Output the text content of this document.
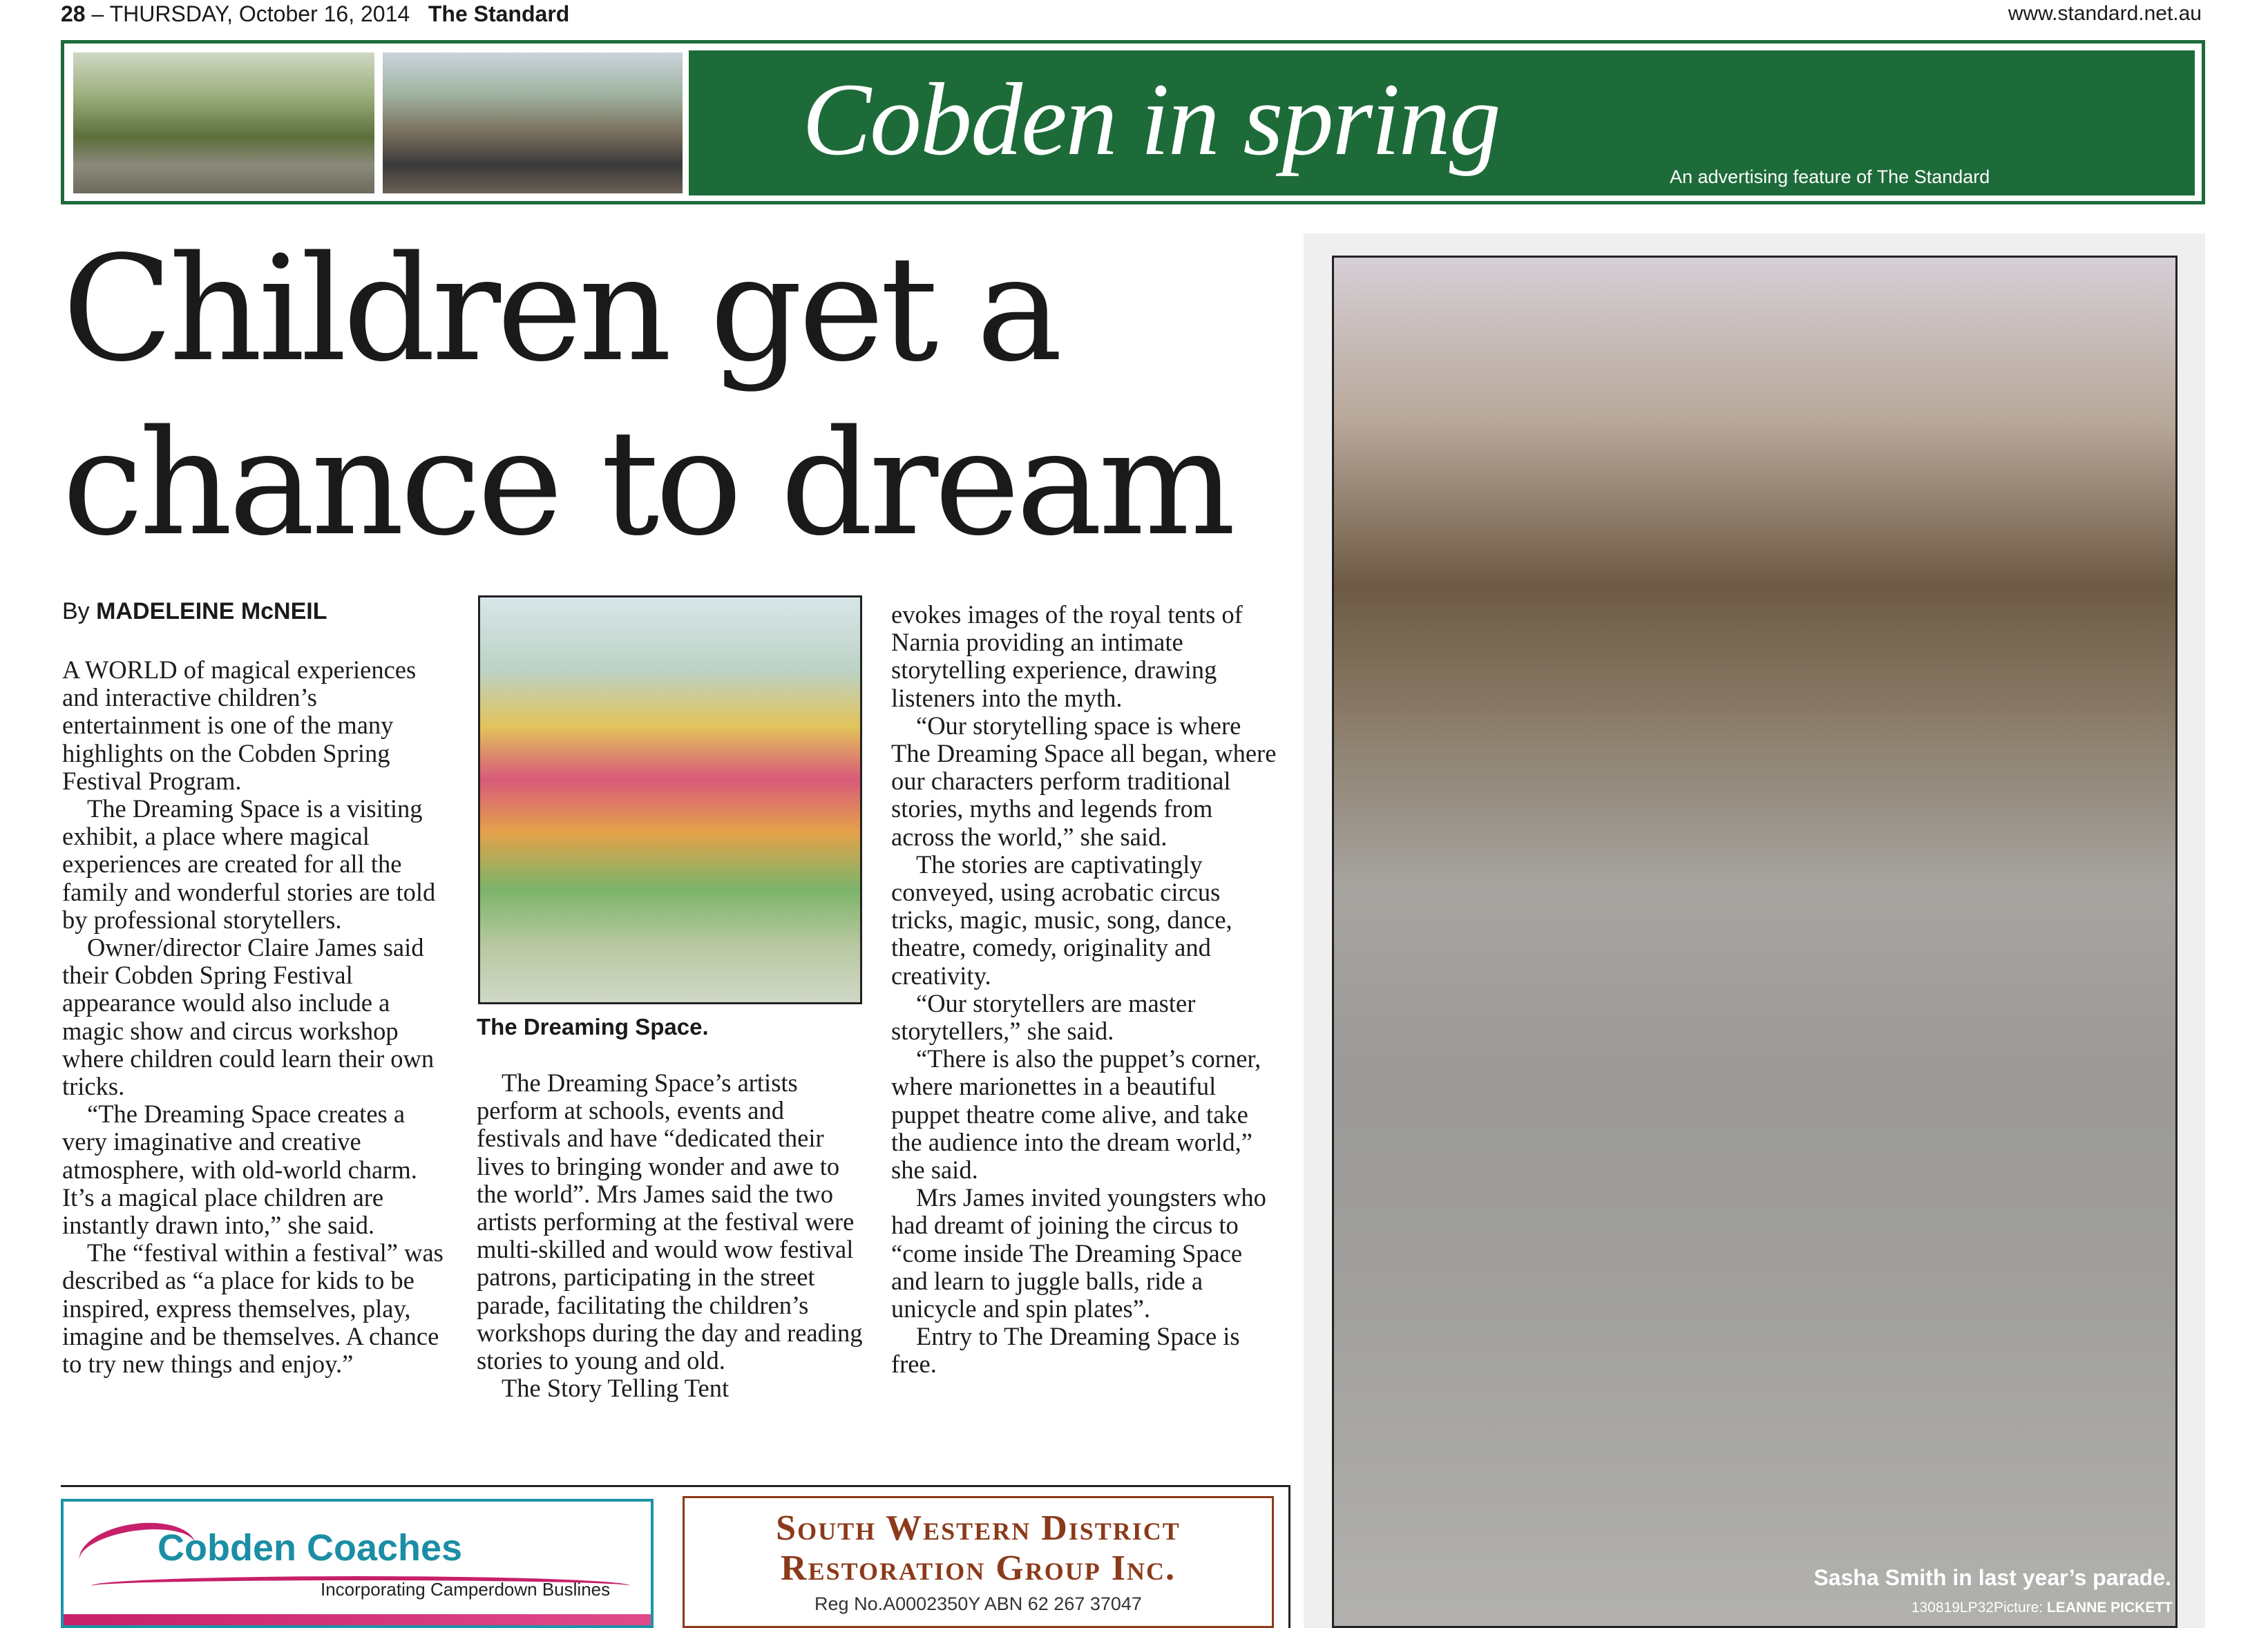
28 – THURSDAY, October 16, 2014 The Standard	www.standard.net.au
Cobden in spring	An advertising feature of The Standard
Children get a
chance to dream
By MADELEINE McNEIL

A WORLD of magical experiences and interactive children’s entertainment is one of the many highlights on the Cobden Spring Festival Program.

The Dreaming Space is a visiting exhibit, a place where magical experiences are created for all the family and wonderful stories are told by professional storytellers.

Owner/director Claire James said their Cobden Spring Festival appearance would also include a magic show and circus workshop where children could learn their own tricks.

“The Dreaming Space creates a very imaginative and creative atmosphere, with old-world charm. It’s a magical place children are instantly drawn into,” she said.

The “festival within a festival” was described as “a place for kids to be inspired, express themselves, play, imagine and be themselves. A chance to try new things and enjoy.”

The Dreaming Space.

The Dreaming Space’s artists perform at schools, events and festivals and have “dedicated their lives to bringing wonder and awe to the world”. Mrs James said the two artists performing at the festival were multi-skilled and would wow festival patrons, participating in the street parade, facilitating the children’s workshops during the day and reading stories to young and old.

The Story Telling Tent

evokes images of the royal tents of Narnia providing an intimate storytelling experience, drawing listeners into the myth.

“Our storytelling space is where The Dreaming Space all began, where our characters perform traditional stories, myths and legends from across the world,” she said.

The stories are captivatingly conveyed, using acrobatic circus tricks, magic, music, song, dance, theatre, comedy, originality and creativity.

“Our storytellers are master storytellers,” she said.

“There is also the puppet’s corner, where marionettes in a beautiful puppet theatre come alive, and take the audience into the dream world,” she said.

Mrs James invited youngsters who had dreamt of joining the circus to “come inside The Dreaming Space and learn to juggle balls, ride a unicycle and spin plates”.

Entry to The Dreaming Space is free.

Sasha Smith in last year’s parade.
130819LP32Picture: LEANNE PICKETT
Cobden Coaches
Incorporating Camperdown Buslines
South Western District
Restoration Group Inc.
Reg No.A0002350Y ABN 62 267 37047
